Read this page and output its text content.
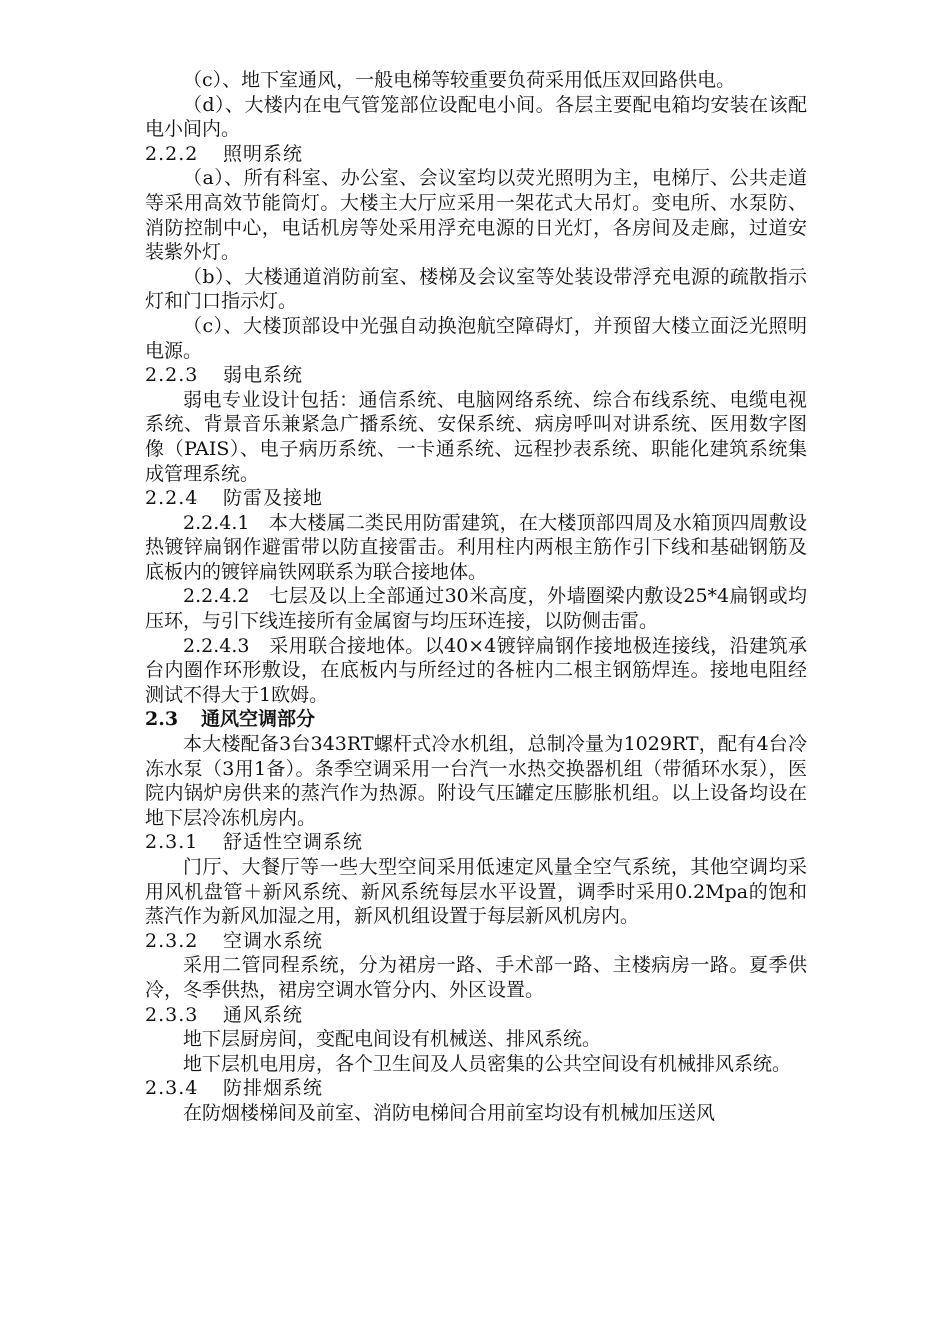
（c）、地下室通风，一般电梯等较重要负荷采用低压双回路供电。

（d）、大楼内在电气管笼部位设配电小间。各层主要配电箱均安装在该配电小间内。

2.2.2 照明系统

（a）、所有科室、办公室、会议室均以荧光照明为主，电梯厅、公共走道等采用高效节能筒灯。大楼主大厅应采用一架花式大吊灯。变电所、水泵防、消防控制中心，电话机房等处采用浮充电源的日光灯，各房间及走廊，过道安装紫外灯。

（b）、大楼通道消防前室、楼梯及会议室等处装设带浮充电源的疏散指示灯和门口指示灯。

（c）、大楼顶部设中光强自动换泡航空障碍灯，并预留大楼立面泛光照明电源。

2.2.3 弱电系统

弱电专业设计包括：通信系统、电脑网络系统、综合布线系统、电缆电视系统、背景音乐兼紧急广播系统、安保系统、病房呼叫对讲系统、医用数字图像（PAIS）、电子病历系统、一卡通系统、远程抄表系统、职能化建筑系统集成管理系统。

2.2.4 防雷及接地

2.2.4.1　本大楼属二类民用防雷建筑，在大楼顶部四周及水箱顶四周敷设热镀锌扁钢作避雷带以防直接雷击。利用柱内两根主筋作引下线和基础钢筋及底板内的镀锌扁铁网联系为联合接地体。

2.2.4.2　七层及以上全部通过30米高度，外墙圈梁内敷设25*4扁钢或均压环，与引下线连接所有金属窗与均压环连接，以防侧击雷。

2.2.4.3　采用联合接地体。以40×4镀锌扁钢作接地极连接线，沿建筑承台内圈作环形敷设，在底板内与所经过的各桩内二根主钢筋焊连。接地电阻经测试不得大于1欧姆。

2.3 通风空调部分

本大楼配备3台343RT螺杆式冷水机组，总制冷量为1029RT，配有4台冷冻水泵（3用1备）。条季空调采用一台汽一水热交换器机组（带循环水泵），医院内锅炉房供来的蒸汽作为热源。附设气压罐定压膨胀机组。以上设备均设在地下层冷冻机房内。

2.3.1 舒适性空调系统

门厅、大餐厅等一些大型空间采用低速定风量全空气系统，其他空调均采用风机盘管＋新风系统、新风系统每层水平设置，调季时采用0.2Mpa的饱和蒸汽作为新风加湿之用，新风机组设置于每层新风机房内。

2.3.2 空调水系统

采用二管同程系统，分为裙房一路、手术部一路、主楼病房一路。夏季供冷，冬季供热，裙房空调水管分内、外区设置。

2.3.3 通风系统

地下层厨房间，变配电间设有机械送、排风系统。

地下层机电用房，各个卫生间及人员密集的公共空间设有机械排风系统。

2.3.4 防排烟系统

在防烟楼梯间及前室、消防电梯间合用前室均设有机械加压送风
